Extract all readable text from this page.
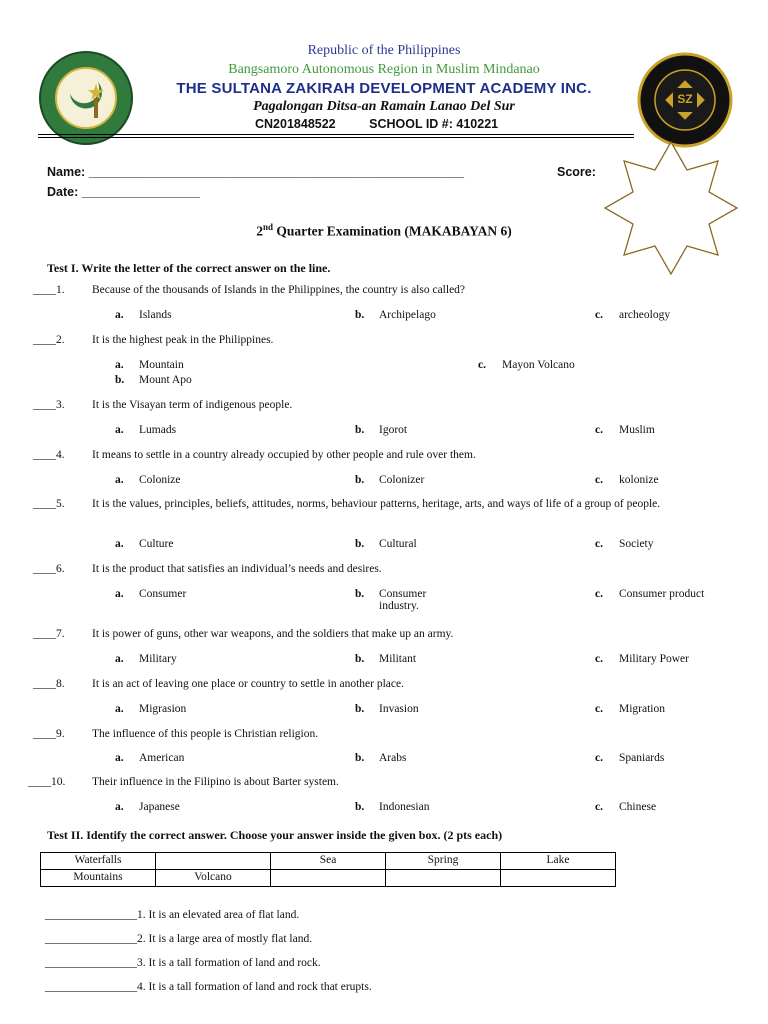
SZ
Republic of the Philippines
Bangsamoro Autonomous Region in Muslim Mindanao
THE SULTANA ZAKIRAH DEVELOPMENT ACADEMY INC.
Pagalongan Ditsa-an Ramain Lanao Del Sur
CN201848522	SCHOOL ID #: 410221
Name: ______________________________________________________
Date: _________________
Score:
2nd Quarter Examination (MAKABAYAN 6)
Test I. Write the letter of the correct answer on the line.
____1. Because of the thousands of Islands in the Philippines, the country is also called?
____2. It is the highest peak in the Philippines.
____3. It is the Visayan term of indigenous people.
____4. It means to settle in a country already occupied by other people and rule over them.
____5. It is the values, principles, beliefs, attitudes, norms, behaviour patterns, heritage, arts, and ways of life of a group of people.
____6. It is the product that satisfies an individual’s needs and desires.
____7. It is power of guns, other war weapons, and the soldiers that make up an army.
____8. It is an act of leaving one place or country to settle in another place.
____9. The influence of this people is Christian religion.
____10. Their influence in the Filipino is about Barter system.
Test II. Identify the correct answer. Choose your answer inside the given box. (2 pts each)
Waterfalls		Sea	Spring	Lake
Mountains	Volcano			
________________1. It is an elevated area of flat land.
________________2. It is a large area of mostly flat land.
________________3. It is a tall formation of land and rock.
________________4. It is a tall formation of land and rock that erupts.
a. Islands	b. Archipelago	c. archeology
a. Mountain
b. Mount Apo
c. Mayon Volcano
a. Lumads	b. Igorot	c. Muslim
a. Colonize	b. Colonizer	c. kolonize
a. Culture	b. Cultural	c. Society
a. Consumer	b. Consumer industry.
c. Consumer product
a. Military	b. Militant	c. Military Power
a. Migrasion	b. Invasion	c. Migration
a. American	b. Arabs	c. Spaniards
a. Japanese	b. Indonesian	c. Chinese
